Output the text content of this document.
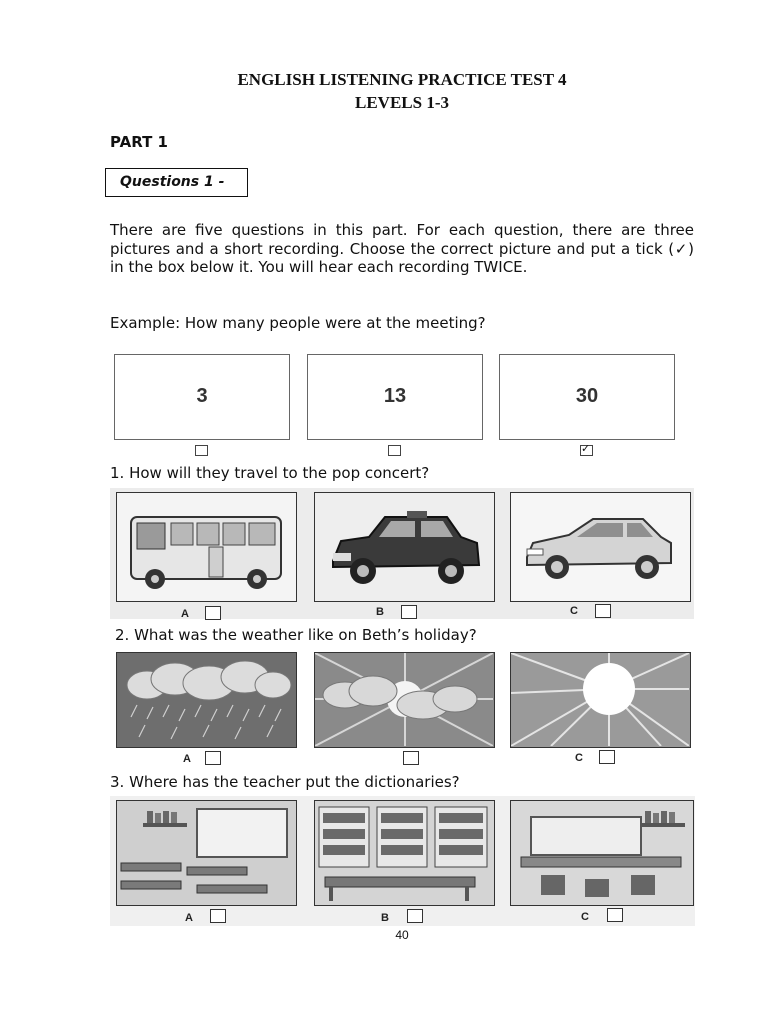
ENGLISH LISTENING PRACTICE TEST 4
LEVELS 1-3
PART 1
Questions 1 -
There are five questions in this part. For each question, there are three pictures and a short recording. Choose the correct picture and put a tick (✓) in the box below it. You will hear each recording TWICE.
Example: How many people were at the meeting?
3	13	30
✓
1. How will they travel to the pop concert?
A	B	C
2. What was the weather like on Beth’s holiday?
A	C
3. Where has the teacher put the dictionaries?
A	B	C
40
